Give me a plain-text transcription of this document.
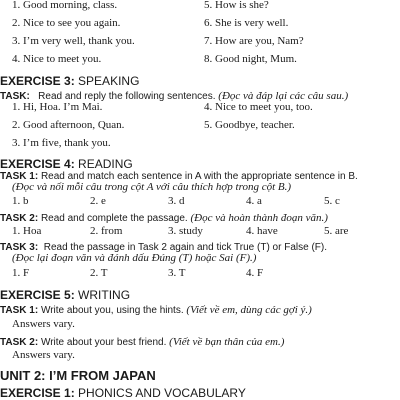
1. Good morning, class.
2. Nice to see you again.
3. I’m very well, thank you.
4. Nice to meet you.
5. How is she?
6. She is very well.
7. How are you, Nam?
8. Good night, Mum.
EXERCISE 3: SPEAKING
TASK: Read and reply the following sentences. (Đọc và đáp lại các câu sau.)
1. Hi, Hoa. I’m Mai.
2. Good afternoon, Quan.
3. I’m five, thank you.
4. Nice to meet you, too.
5. Goodbye, teacher.
EXERCISE 4: READING
TASK 1: Read and match each sentence in A with the appropriate sentence in B.
(Đọc và nối mỗi câu trong cột A với câu thích hợp trong cột B.)
1. b	2. e	3. d	4. a	5. c
TASK 2: Read and complete the passage. (Đọc và hoàn thành đoạn văn.)
1. Hoa	2. from	3. study	4. have	5. are
TASK 3: Read the passage in Task 2 again and tick True (T) or False (F).
(Đọc lại đoạn văn và đánh dấu Đúng (T) hoặc Sai (F).)
1. F	2. T	3. T	4. F
EXERCISE 5: WRITING
TASK 1: Write about you, using the hints. (Viết về em, dùng các gợi ý.)
Answers vary.
TASK 2: Write about your best friend. (Viết về bạn thân của em.)
Answers vary.
UNIT 2: I’M FROM JAPAN
EXERCISE 1: PHONICS AND VOCABULARY
